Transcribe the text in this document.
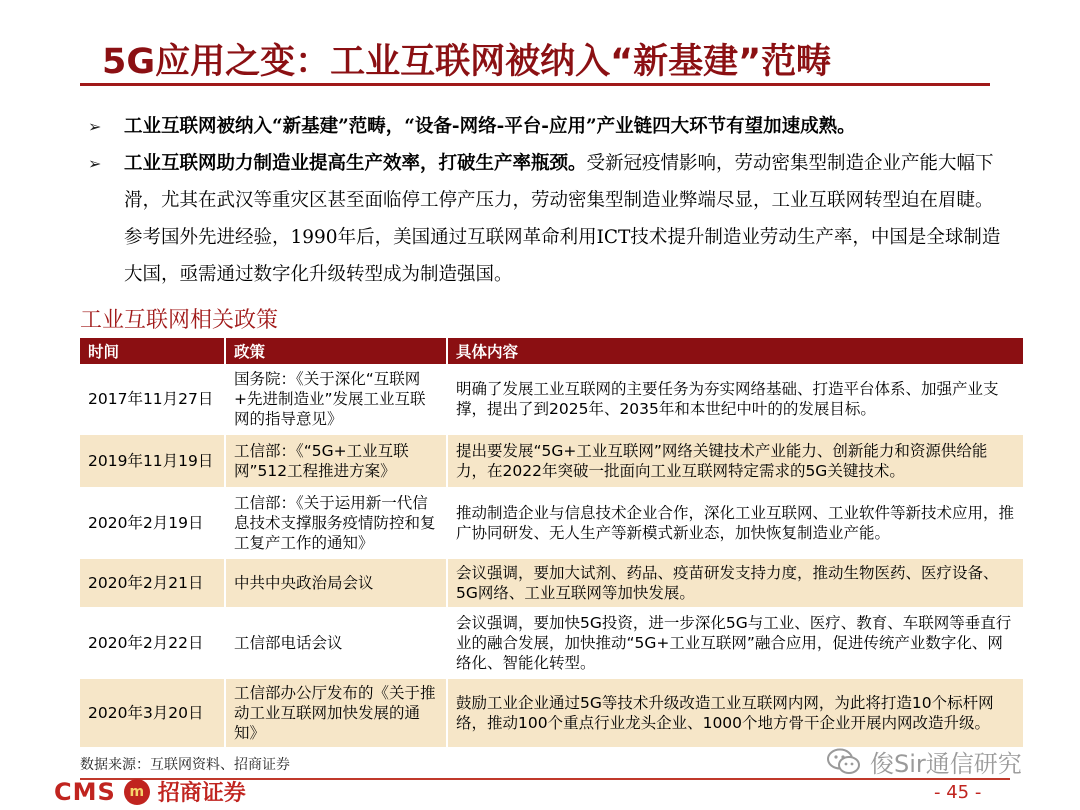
5G应用之变：工业互联网被纳入“新基建”范畴
➢ 工业互联网被纳入“新基建”范畴，“设备-网络-平台-应用”产业链四大环节有望加速成熟。
➢ 工业互联网助力制造业提高生产效率，打破生产率瓶颈。受新冠疫情影响，劳动密集型制造企业产能大幅下滑，尤其在武汉等重灾区甚至面临停工停产压力，劳动密集型制造业弊端尽显，工业互联网转型迫在眉睫。参考国外先进经验，1990年后，美国通过互联网革命利用ICT技术提升制造业劳动生产率，中国是全球制造大国，亟需通过数字化升级转型成为制造强国。
工业互联网相关政策
时间	政策	具体内容
2017年11月27日	国务院：《关于深化“互联网+先进制造业”发展工业互联网的指导意见》	明确了发展工业互联网的主要任务为夯实网络基础、打造平台体系、加强产业支撑，提出了到2025年、2035年和本世纪中叶的的发展目标。
2019年11月19日	工信部：《“5G+工业互联网”512工程推进方案》	提出要发展“5G+工业互联网”网络关键技术产业能力、创新能力和资源供给能力，在2022年突破一批面向工业互联网特定需求的5G关键技术。
2020年2月19日	工信部：《关于运用新一代信息技术支撑服务疫情防控和复工复产工作的通知》	推动制造企业与信息技术企业合作，深化工业互联网、工业软件等新技术应用，推广协同研发、无人生产等新模式新业态，加快恢复制造业产能。
2020年2月21日	中共中央政治局会议	会议强调，要加大试剂、药品、疫苗研发支持力度，推动生物医药、医疗设备、5G网络、工业互联网等加快发展。
2020年2月22日	工信部电话会议	会议强调，要加快5G投资，进一步深化5G与工业、医疗、教育、车联网等垂直行业的融合发展，加快推动“5G+工业互联网”融合应用，促进传统产业数字化、网络化、智能化转型。
2020年3月20日	工信部办公厅发布的《关于推动工业互联网加快发展的通知》	鼓励工业企业通过5G等技术升级改造工业互联网内网，为此将打造10个标杆网络，推动100个重点行业龙头企业、1000个地方骨干企业开展内网改造升级。
数据来源：互联网资料、招商证券	俊Sir通信研究
CMS m 招商证券	- 45 -
